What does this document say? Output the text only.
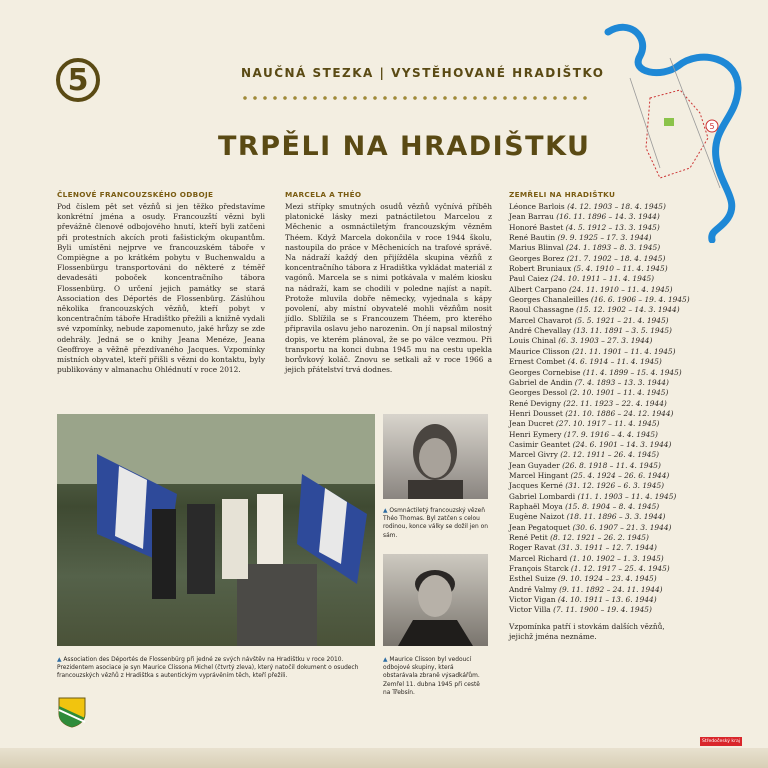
5	NAUČNÁ STEZKA | VYSTĚHOVANÉ HRADIŠTKO
TRPĚLI NA HRADIŠTKU
5
ČLENOVÉ FRANCOUZSKÉHO ODBOJE
Pod číslem pět set vězňů si jen těžko představíme konkrétní jména a osudy. Francouzští vězni byli převážně členové odbojového hnutí, kteří byli zatčeni při protestních akcích proti fašistickým okupantům. Byli umístěni nejprve ve francouzském táboře v Compiègne a po krátkém pobytu v Buchenwaldu a Flossenbürgu transportováni do některé z téměř devadesáti poboček koncentračního tábora Flossenbürg. O určení jejich památky se stará Association des Déportés de Flossenbürg. Záslúhou několika francouzských vězňů, kteří pobyt v koncentračním táboře Hradištko přežili a knižně vydali své vzpomínky, nebude zapomenuto, jaké hrůzy se zde odehrály. Jedná se o knihy Jeana Menéze, Jeana Geoffroye a věžně přezdívaného Jacques. Vzpomínky místních obyvatel, kteří přišli s vězni do kontaktu, byly publikovány v almanachu Ohlédnutí v roce 2012.
MARCELA A THÉO
Mezi střípky smutných osudů vězňů vyčnívá příběh platonické lásky mezi patnáctiletou Marcelou z Měchenic a osmnáctiletým francouzským vězněm Théem. Když Marcela dokončila v roce 1944 školu, nastoupila do práce v Měchenicích na trafové správě. Na nádraží každý den přijížděla skupina vězňů z koncentračního tábora z Hradištka vykládat materiál z vagónů. Marcela se s nimi potkávala v malém kiosku na nádraží, kam se chodili v poledne najíst a napít. Protože mluvila dobře německy, vyjednala s kápy povolení, aby místní obyvatelé mohli vězňům nosit jídlo. Sblížila se s Francouzem Théem, pro kterého připravila oslavu jeho narozenin. On jí napsal milostný dopis, ve kterém plánoval, že se po válce vezmou. Při transportu na konci dubna 1945 mu na cestu upekla borůvkový koláč. Znovu se setkali až v roce 1966 a jejich přátelství trvá dodnes.
ZEMŘELI NA HRADIŠTKU
Léonce Barlois (4. 12. 1903 – 18. 4. 1945)
Jean Barrau (16. 11. 1896 – 14. 3. 1944)
Honoré Bastet (4. 5. 1912 – 13. 3. 1945)
René Bautin (9. 9. 1925 – 17. 3. 1944)
Marius Blinval (24. 1. 1893 – 8. 3. 1945)
Georges Borez (21. 7. 1902 – 18. 4. 1945)
Robert Bruniaux (5. 4. 1910 – 11. 4. 1945)
Paul Caiez (24. 10. 1911 – 11. 4. 1945)
Albert Carpano (24. 11. 1910 – 11. 4. 1945)
Georges Chanaleilles (16. 6. 1906 – 19. 4. 1945)
Raoul Chassagne (15. 12. 1902 – 14. 3. 1944)
Marcel Chavarot (5. 5. 1921 – 21. 4. 1945)
André Chevallay (13. 11. 1891 – 3. 5. 1945)
Louis Chinal (6. 3. 1903 – 27. 3. 1944)
Maurice Clisson (21. 11. 1901 – 11. 4. 1945)
Ernest Combet (4. 6. 1914 – 11. 4. 1945)
Georges Cornebise (11. 4. 1899 – 15. 4. 1945)
Gabriel de Andin (7. 4. 1893 – 13. 3. 1944)
Georges Dessol (2. 10. 1901 – 11. 4. 1945)
René Devigny (22. 11. 1923 – 22. 4. 1944)
Henri Dousset (21. 10. 1886 – 24. 12. 1944)
Jean Ducret (27. 10. 1917 – 11. 4. 1945)
Henri Eymery (17. 9. 1916 – 4. 4. 1945)
Casimir Geantet (24. 6. 1901 – 14. 3. 1944)
Marcel Givry (2. 12. 1911 – 26. 4. 1945)
Jean Guyader (26. 8. 1918 – 11. 4. 1945)
Marcel Hingant (25. 4. 1924 – 26. 6. 1944)
Jacques Kerné (31. 12. 1926 – 6. 3. 1945)
Gabriel Lombardi (11. 1. 1903 – 11. 4. 1945)
Raphaël Moya (15. 8. 1904 – 8. 4. 1945)
Eugène Naizot (18. 11. 1896 – 3. 3. 1944)
Jean Pegatoquet (30. 6. 1907 – 21. 3. 1944)
René Petit (8. 12. 1921 – 26. 2. 1945)
Roger Ravat (31. 3. 1911 – 12. 7. 1944)
Marcel Richard (1. 10. 1902 – 1. 3. 1945)
François Starck (1. 12. 1917 – 25. 4. 1945)
Esthel Suize (9. 10. 1924 – 23. 4. 1945)
André Valmy (9. 11. 1892 – 24. 11. 1944)
Victor Vigan (4. 10. 1911 – 13. 6. 1944)
Victor Villa (7. 11. 1900 – 19. 4. 1945)
Vzpomínka patří i stovkám dalších vězňů, jejichž jména neznáme.
▲ Association des Déportés de Flossenbürg při jedné ze svých návštěv na Hradištku v roce 2010. Prezidentem asociace je syn Maurice Clissona Michel (čtvrtý zleva), který natočil dokument o osudech francouzských vězňů z Hradištka s autentickým vyprávěním těch, kteří přežili.
▲ Osmnáctiletý francouzský vězeň Théo Thomas. Byl zatčen s celou rodinou, konce války se dožil jen on sám.
▲ Maurice Clisson byl vedoucí odbojové skupiny, která obstarávala zbraně výsadkářům. Zemřel 11. dubna 1945 při cestě na Třebsín.
Středočeský kraj
